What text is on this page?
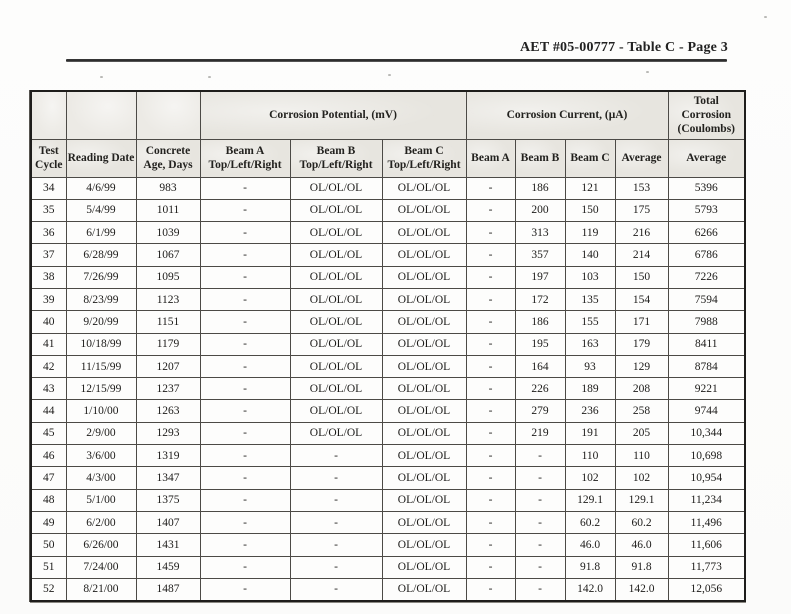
AET #05-00777 - Table C - Page 3
			Corrosion Potential, (mV)			Corrosion Current, (μA)				Total Corrosion (Coulombs)
Test Cycle	Reading Date	Concrete Age, Days	Beam A Top/Left/Right	Beam B Top/Left/Right	Beam C Top/Left/Right	Beam A	Beam B	Beam C	Average	Average
34	4/6/99	983	-	OL/OL/OL	OL/OL/OL	-	186	121	153	5396
35	5/4/99	1011	-	OL/OL/OL	OL/OL/OL	-	200	150	175	5793
36	6/1/99	1039	-	OL/OL/OL	OL/OL/OL	-	313	119	216	6266
37	6/28/99	1067	-	OL/OL/OL	OL/OL/OL	-	357	140	214	6786
38	7/26/99	1095	-	OL/OL/OL	OL/OL/OL	-	197	103	150	7226
39	8/23/99	1123	-	OL/OL/OL	OL/OL/OL	-	172	135	154	7594
40	9/20/99	1151	-	OL/OL/OL	OL/OL/OL	-	186	155	171	7988
41	10/18/99	1179	-	OL/OL/OL	OL/OL/OL	-	195	163	179	8411
42	11/15/99	1207	-	OL/OL/OL	OL/OL/OL	-	164	93	129	8784
43	12/15/99	1237	-	OL/OL/OL	OL/OL/OL	-	226	189	208	9221
44	1/10/00	1263	-	OL/OL/OL	OL/OL/OL	-	279	236	258	9744
45	2/9/00	1293	-	OL/OL/OL	OL/OL/OL	-	219	191	205	10,344
46	3/6/00	1319	-	-	OL/OL/OL	-	-	110	110	10,698
47	4/3/00	1347	-	-	OL/OL/OL	-	-	102	102	10,954
48	5/1/00	1375	-	-	OL/OL/OL	-	-	129.1	129.1	11,234
49	6/2/00	1407	-	-	OL/OL/OL	-	-	60.2	60.2	11,496
50	6/26/00	1431	-	-	OL/OL/OL	-	-	46.0	46.0	11,606
51	7/24/00	1459	-	-	OL/OL/OL	-	-	91.8	91.8	11,773
52	8/21/00	1487	-	-	OL/OL/OL	-	-	142.0	142.0	12,056
